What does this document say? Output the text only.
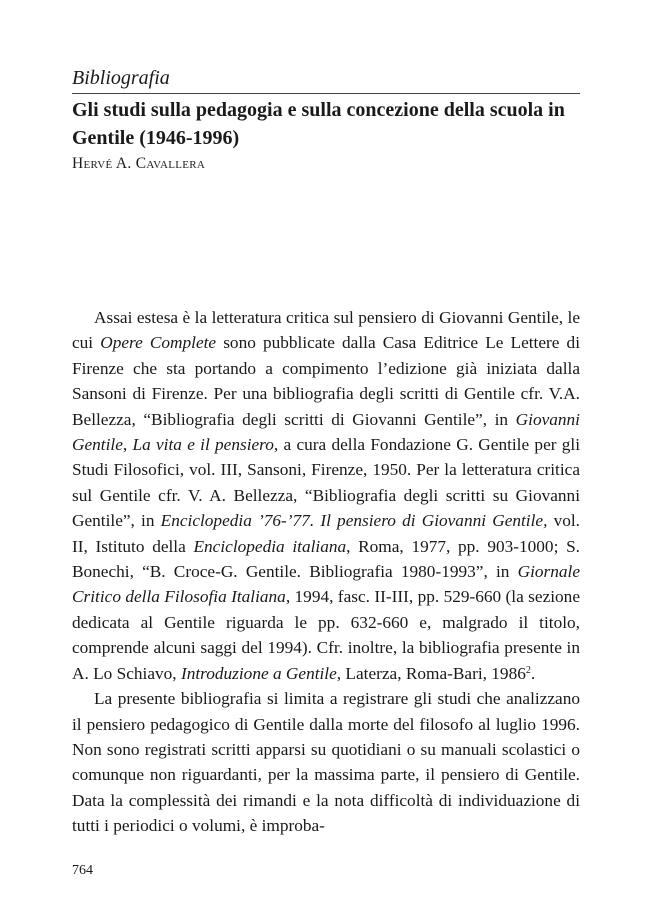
Bibliografia
Gli studi sulla pedagogia e sulla concezione della scuola in Gentile (1946-1996)
Hervé A. Cavallera

Assai estesa è la letteratura critica sul pensiero di Giovanni Gentile, le cui Opere Complete sono pubblicate dalla Casa Editrice Le Lettere di Firenze che sta portando a compimento l’edizione già iniziata dalla Sansoni di Firenze. Per una bibliografia degli scritti di Gentile cfr. V.A. Bellezza, “Bibliografia degli scritti di Giovanni Gentile”, in Giovanni Gentile, La vita e il pensiero, a cura della Fondazione G. Gentile per gli Studi Filosofici, vol. III, Sansoni, Firenze, 1950. Per la letteratura critica sul Gentile cfr. V. A. Bellezza, “Bibliografia degli scritti su Giovanni Gentile”, in Enciclopedia ’76-’77. Il pensiero di Giovanni Gentile, vol. II, Istituto della Enciclopedia italiana, Roma, 1977, pp. 903-1000; S. Bonechi, “B. Croce-G. Gentile. Bibliografia 1980-1993”, in Giornale Critico della Filosofia Italiana, 1994, fasc. II-III, pp. 529-660 (la sezione dedicata al Gentile riguarda le pp. 632-660 e, malgrado il titolo, comprende alcuni saggi del 1994). Cfr. inoltre, la bibliografia presente in A. Lo Schiavo, Introduzione a Gentile, Laterza, Roma-Bari, 1986$^2$.

La presente bibliografia si limita a registrare gli studi che analizzano il pensiero pedagogico di Gentile dalla morte del filosofo al luglio 1996. Non sono registrati scritti apparsi su quotidiani o su manuali scolastici o comunque non riguardanti, per la massima parte, il pensiero di Gentile. Data la complessità dei rimandi e la nota difficoltà di individuazione di tutti i periodici o volumi, è improba-

764
